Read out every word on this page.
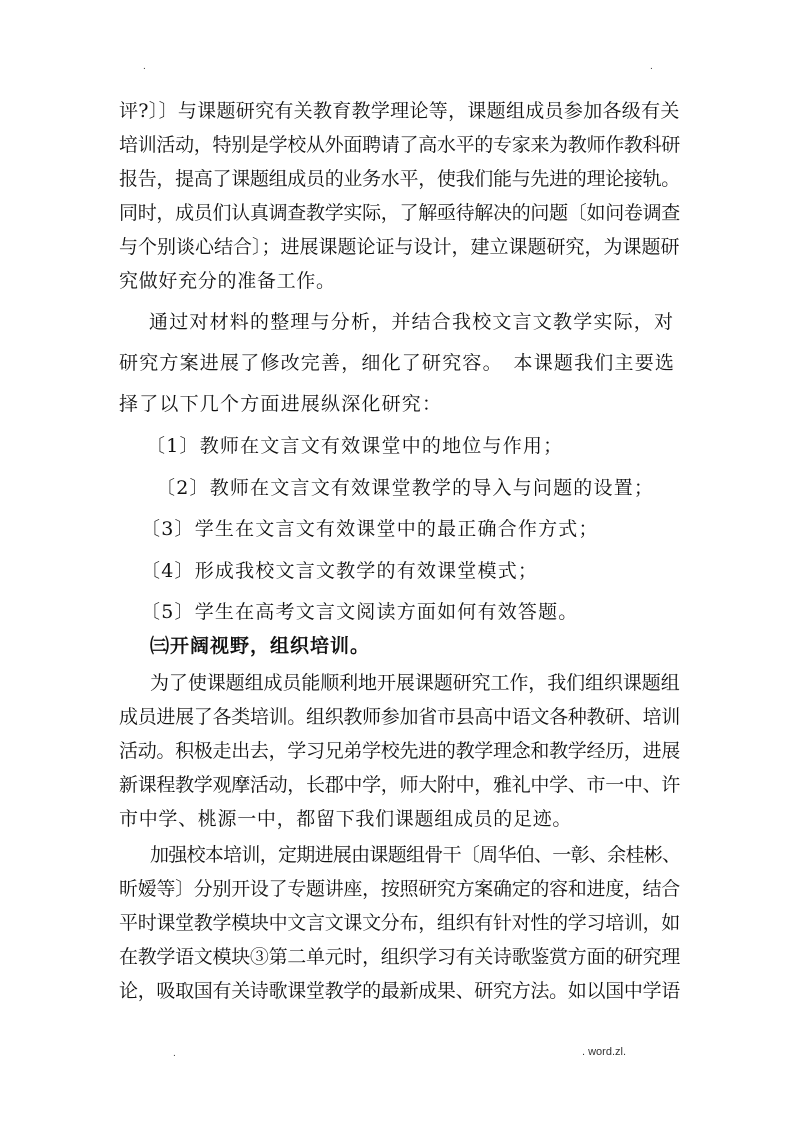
.	.
评?〕〕与课题研究有关教育教学理论等，课题组成员参加各级有关
培训活动，特别是学校从外面聘请了高水平的专家来为教师作教科研
报告，提高了课题组成员的业务水平，使我们能与先进的理论接轨。
同时，成员们认真调查教学实际，了解亟待解决的问题〔如问卷调查
与个别谈心结合〕；进展课题论证与设计，建立课题研究，为课题研
究做好充分的准备工作。
通过对材料的整理与分析，并结合我校文言文教学实际，对
研究方案进展了修改完善，细化了研究容。　本课题我们主要选
择了以下几个方面进展纵深化研究：
〔1〕教师在文言文有效课堂中的地位与作用；
〔2〕教师在文言文有效课堂教学的导入与问题的设置；
〔3〕学生在文言文有效课堂中的最正确合作方式；
〔4〕形成我校文言文教学的有效课堂模式；
〔5〕学生在高考文言文阅读方面如何有效答题。
㈢开阔视野，组织培训。
为了使课题组成员能顺利地开展课题研究工作，我们组织课题组
成员进展了各类培训。组织教师参加省市县高中语文各种教研、培训
活动。积极走出去，学习兄弟学校先进的教学理念和教学经历，进展
新课程教学观摩活动，长郡中学，师大附中，雅礼中学、市一中、许
市中学、桃源一中，都留下我们课题组成员的足迹。
加强校本培训，定期进展由课题组骨干〔周华伯、一彰、余桂彬、
昕嫒等〕分别开设了专题讲座，按照研究方案确定的容和进度，结合
平时课堂教学模块中文言文课文分布，组织有针对性的学习培训，如
在教学语文模块③第二单元时，组织学习有关诗歌鉴赏方面的研究理
论，吸取国有关诗歌课堂教学的最新成果、研究方法。如以国中学语
.	. word.zl.
